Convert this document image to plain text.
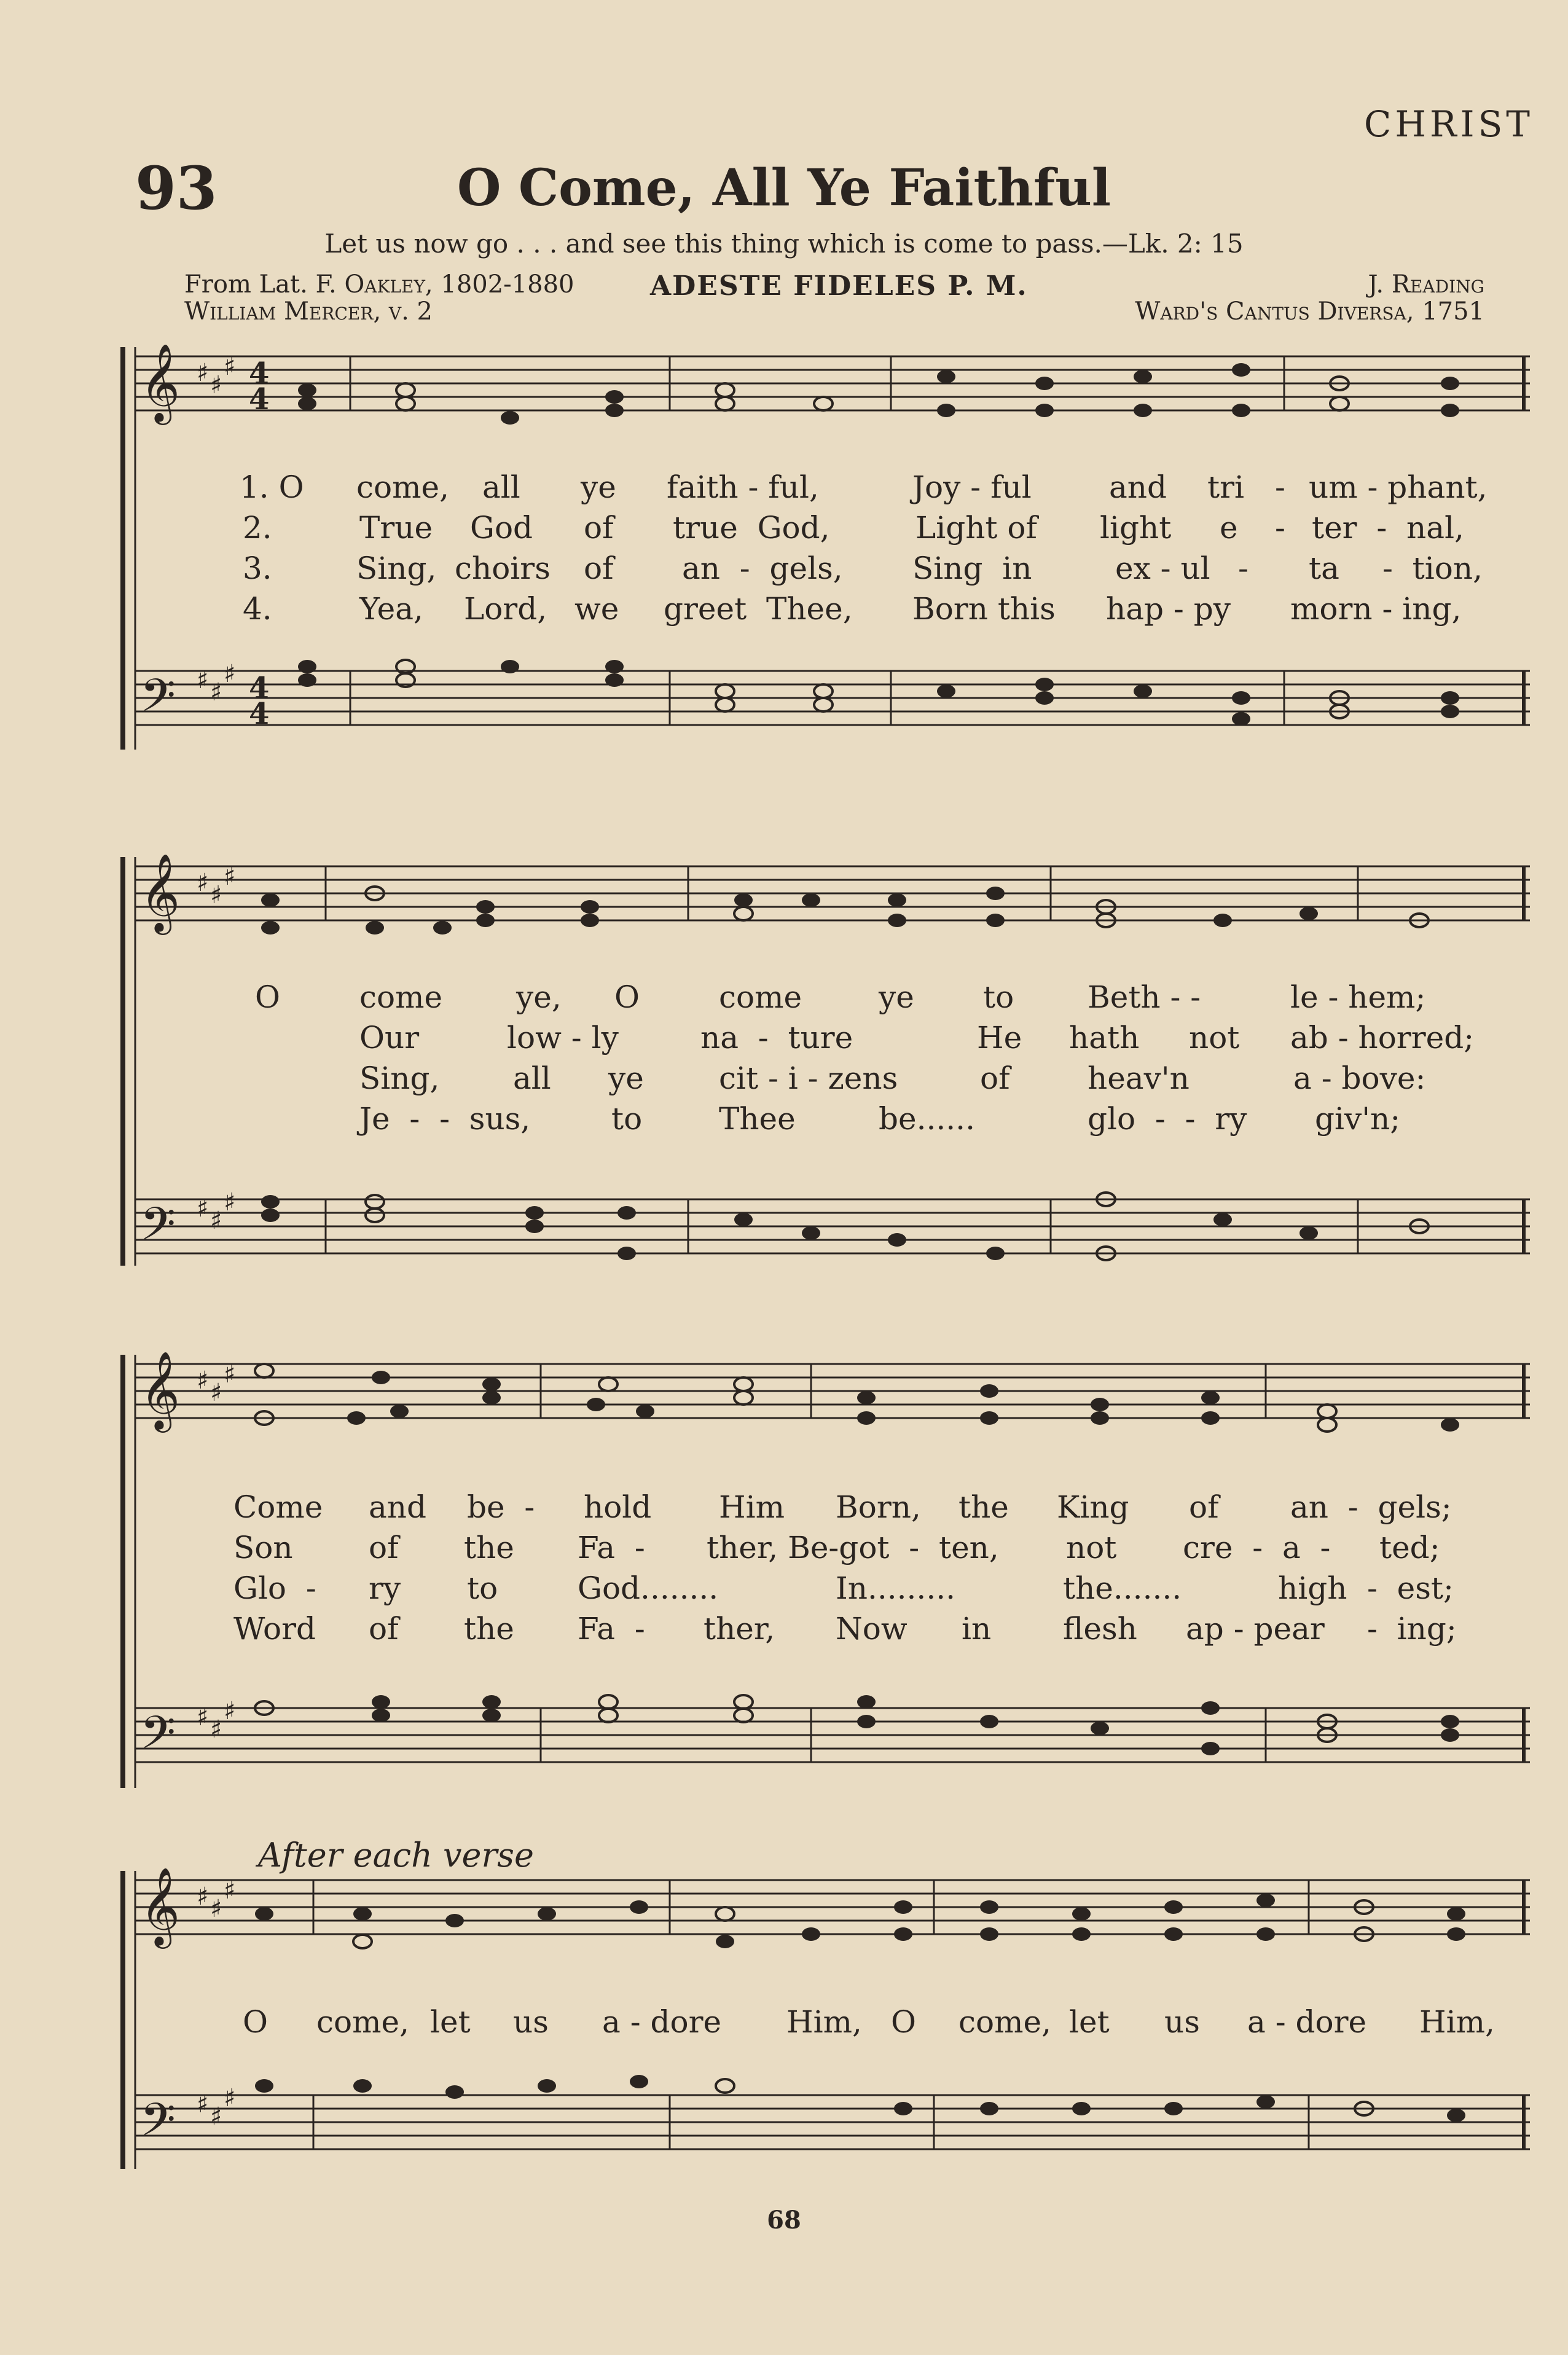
CHRIST
93	O Come, All Ye Faithful
Let us now go . . . and see this thing which is come to pass.—Lk. 2: 15
From Lat. F. Oakley, 1802-1880
William Mercer, v. 2
ADESTE FIDELES P. M.	J. Reading
Ward's Cantus Diversa, 1751
𝄞
𝄢
♯ ♯
♯
♯ ♯
♯
4
4
4
4
1. O come, all ye faith - ful,	Joy - ful	and tri - um - phant,
2.	True God of true  God,	Light of light e - ter  -  nal,
3.	Sing, choirs of an  -  gels, Sing  in	ex - ul - ta -  tion,
4.	Yea, Lord, we greet  Thee, Born this hap - py morn - ing,
𝄞
𝄢
♯ ♯
♯
♯ ♯
♯
O	come ye, O	come ye to Beth - -	le - hem;
Our	low - ly	na  -  ture	He hath not ab - horred;
Sing, all ye cit - i - zens	of	heav'n	a - bove:
Je  -  -  sus,	to Thee	be......	glo  -  -  ry giv'n;
𝄞
𝄢
♯ ♯
♯
♯ ♯
♯
Come and be  - hold Him Born, the King of an  -  gels;
Son of the Fa  - ther, Be-got  -  ten, not cre  -  a  - ted;
Glo  - ry to	God........	In.........	the.......	high -  est;
Word of the Fa  - ther, Now in flesh ap - pear -  ing;
After each verse
𝄞
𝄢
♯ ♯
♯
♯ ♯
♯
O come, let us a - dore Him, O come, let us a - dore Him,
68
